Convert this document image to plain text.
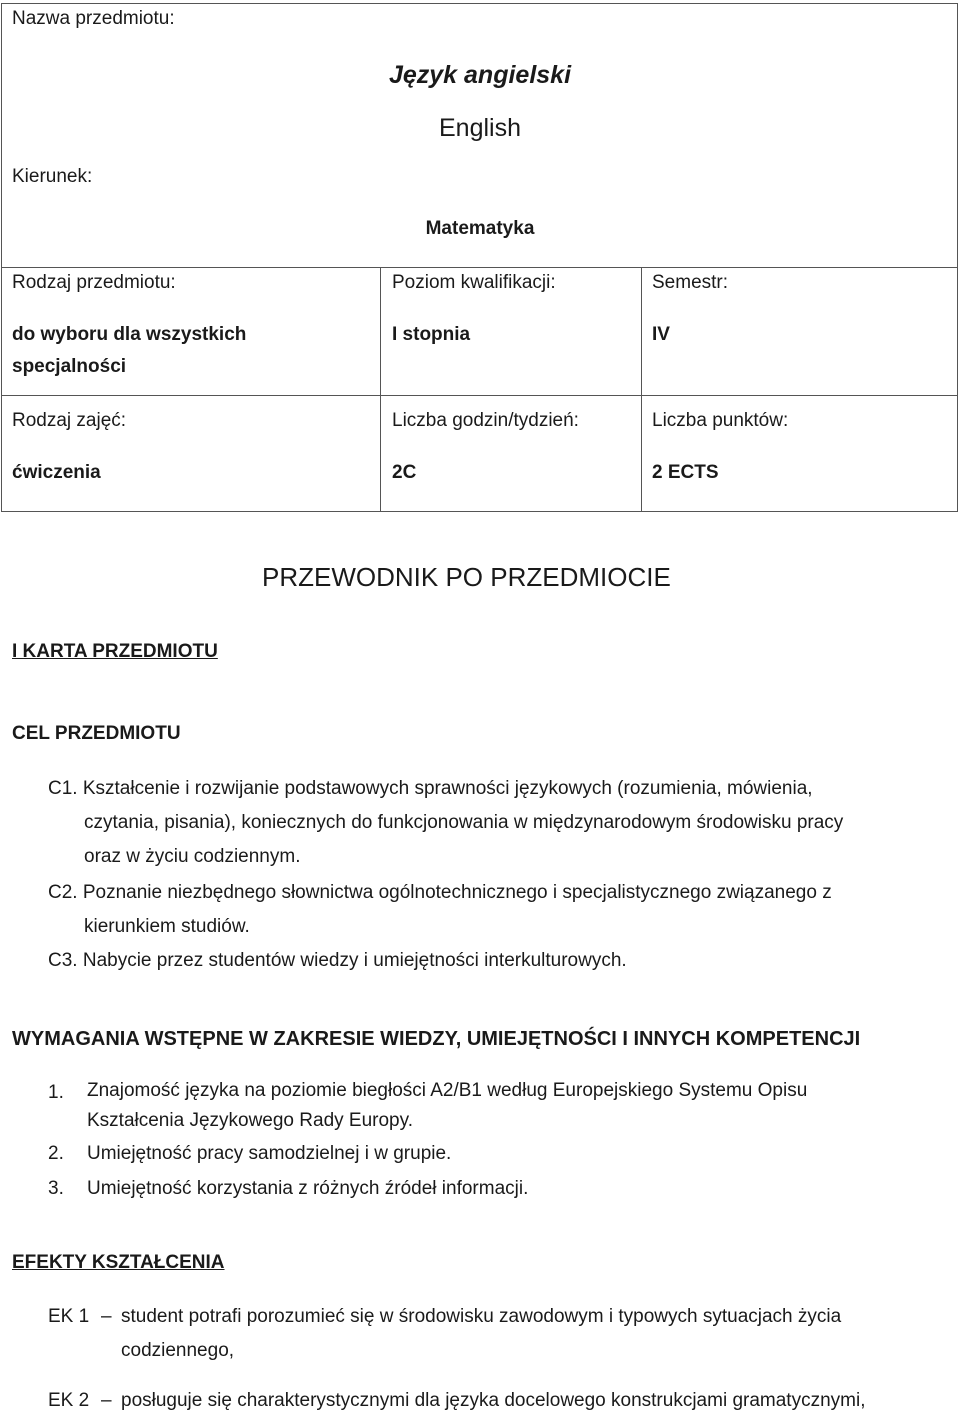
Nazwa przedmiotu:
Język angielski
English
Kierunek:
Matematyka
Rodzaj przedmiotu:
do wyboru dla wszystkich
specjalności
Poziom kwalifikacji:
I stopnia
Semestr:
IV
Rodzaj zajęć:
ćwiczenia
Liczba godzin/tydzień:
2C
Liczba punktów:
2 ECTS
PRZEWODNIK PO PRZEDMIOCIE
I KARTA PRZEDMIOTU
CEL PRZEDMIOTU
C1. Kształcenie i rozwijanie podstawowych sprawności językowych (rozumienia, mówienia,
czytania, pisania), koniecznych do funkcjonowania w międzynarodowym środowisku pracy
oraz w życiu codziennym.
C2. Poznanie niezbędnego słownictwa ogólnotechnicznego i specjalistycznego związanego z
kierunkiem studiów.
C3. Nabycie przez studentów wiedzy i umiejętności interkulturowych.
WYMAGANIA WSTĘPNE W ZAKRESIE WIEDZY, UMIEJĘTNOŚCI I INNYCH KOMPETENCJI
1. Znajomość języka na poziomie biegłości A2/B1 według Europejskiego Systemu Opisu
Kształcenia Językowego Rady Europy.
2. Umiejętność pracy samodzielnej i w grupie.
3. Umiejętność korzystania z różnych źródeł informacji.
EFEKTY KSZTAŁCENIA
EK 1 – student potrafi porozumieć się w środowisku zawodowym i typowych sytuacjach życia
codziennego,
EK 2 – posługuje się charakterystycznymi dla języka docelowego konstrukcjami gramatycznymi,
